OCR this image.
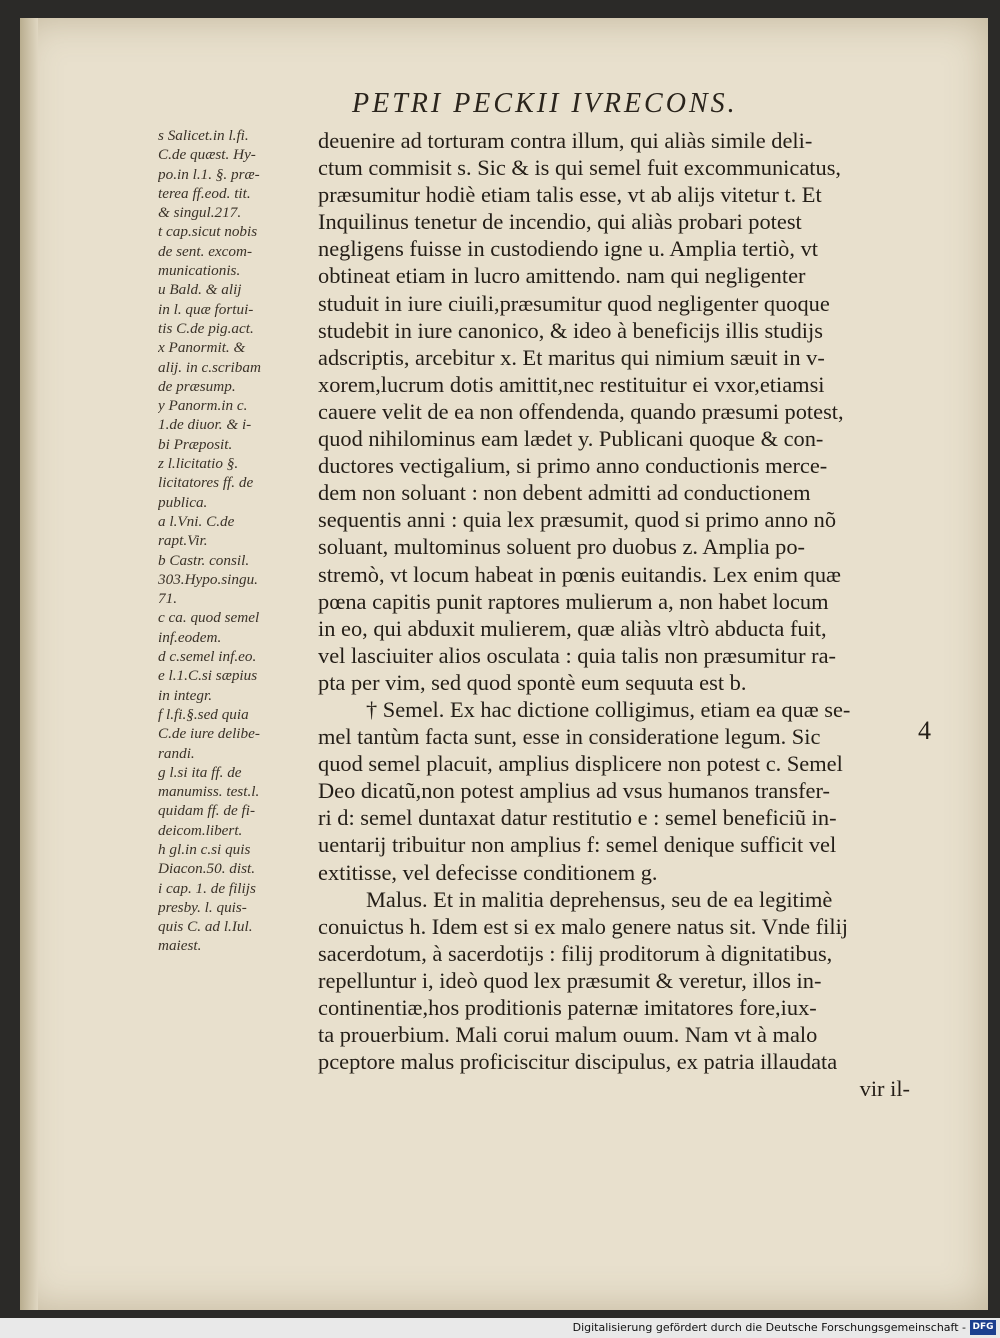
PETRI PECKII IVRECONS.
s Salicet.in l.fi.
C.de quæst. Hy-
po.in l.1. §. præ-
terea ff.eod. tit.
& singul.217.
t cap.sicut nobis
de sent. excom-
municationis.
u Bald. & alij
in l. quæ fortui-
tis C.de pig.act.
x Panormit. &
alij. in c.scribam
de præsump.
y Panorm.in c.
1.de diuor. & i-
bi Præposit.
z l.licitatio §.
licitatores ff. de
publica.
a l.Vni. C.de
rapt.Vir.
b Castr. consil.
303.Hypo.singu.
71.
c ca. quod semel
inf.eodem.
d c.semel inf.eo.
e l.1.C.si sæpius
in integr.
f l.fi.§.sed quia
C.de iure delibe-
randi.
g l.si ita ff. de
manumiss. test.l.
quidam ff. de fi-
deicom.libert.
h gl.in c.si quis
Diacon.50. dist.
i cap. 1. de filijs
presby. l. quis-
quis C. ad l.Iul.
maiest.
deuenire ad torturam contra illum, qui aliàs simile deli-
ctum commisit s. Sic & is qui semel fuit excommunicatus,
præsumitur hodiè etiam talis esse, vt ab alijs vitetur t. Et
Inquilinus tenetur de incendio, qui aliàs probari potest
negligens fuisse in custodiendo igne u. Amplia tertiò, vt
obtineat etiam in lucro amittendo. nam qui negligenter
studuit in iure ciuili,præsumitur quod negligenter quoque
studebit in iure canonico, & ideo à beneficijs illis studijs
adscriptis, arcebitur x. Et maritus qui nimium sæuit in v-
xorem,lucrum dotis amittit,nec restituitur ei vxor,etiamsi
cauere velit de ea non offendenda, quando præsumi potest,
quod nihilominus eam lædet y. Publicani quoque & con-
ductores vectigalium, si primo anno conductionis merce-
dem non soluant : non debent admitti ad conductionem
sequentis anni : quia lex præsumit, quod si primo anno nõ
soluant, multominus soluent pro duobus z. Amplia po-
stremò, vt locum habeat in pœnis euitandis. Lex enim quæ
pœna capitis punit raptores mulierum a, non habet locum
in eo, qui abduxit mulierem, quæ aliàs vltrò abducta fuit,
vel lasciuiter alios osculata : quia talis non præsumitur ra-
pta per vim, sed quod spontè eum sequuta est b.
† Semel. Ex hac dictione colligimus, etiam ea quæ se-
mel tantùm facta sunt, esse in consideratione legum. Sic
quod semel placuit, amplius displicere non potest c. Semel
Deo dicatũ,non potest amplius ad vsus humanos transfer-
ri d: semel duntaxat datur restitutio e : semel beneficiũ in-
uentarij tribuitur non amplius f: semel denique sufficit vel
extitisse, vel defecisse conditionem g.
Malus. Et in malitia deprehensus, seu de ea legitimè
conuictus h. Idem est si ex malo genere natus sit. Vnde filij
sacerdotum, à sacerdotijs : filij proditorum à dignitatibus,
repelluntur i, ideò quod lex præsumit & veretur, illos in-
continentiæ,hos proditionis paternæ imitatores fore,iux-
ta prouerbium. Mali corui malum ouum. Nam vt à malo
pceptore malus proficiscitur discipulus, ex patria illaudata
vir il-
4
Digitalisierung gefördert durch die Deutsche Forschungsgemeinschaft - DFG
